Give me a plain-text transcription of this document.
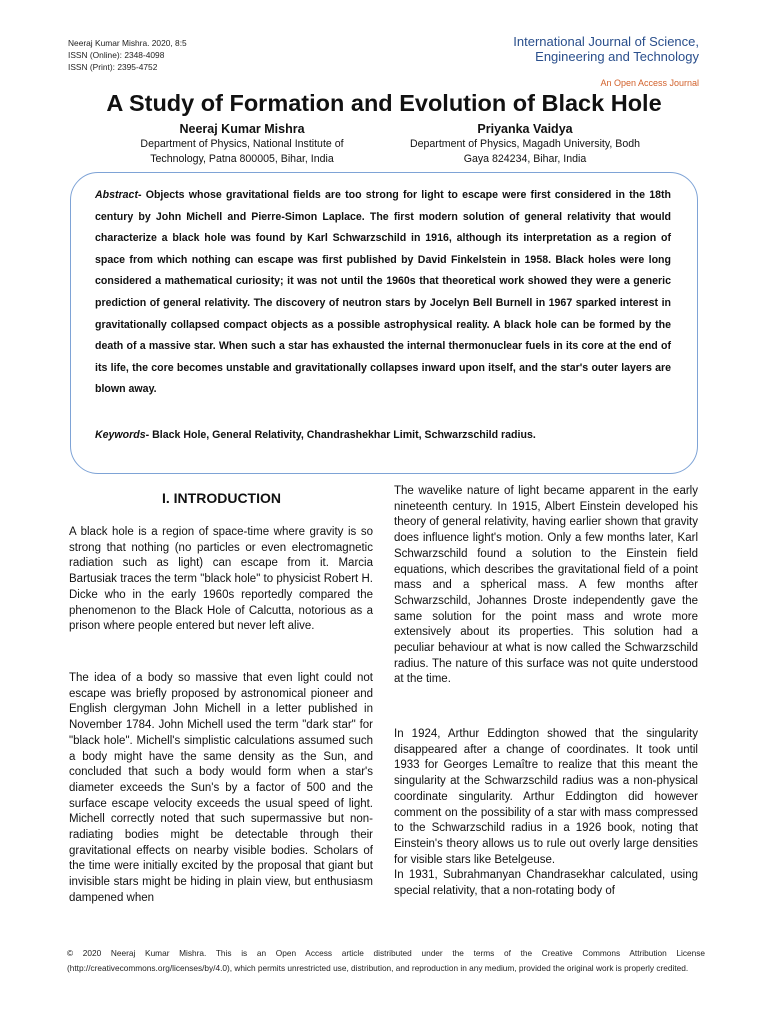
Neeraj Kumar Mishra. 2020, 8:5
ISSN (Online): 2348-4098
ISSN (Print): 2395-4752
International Journal of Science,
Engineering and Technology
An Open Access Journal
A Study of Formation and Evolution of Black Hole
Neeraj Kumar Mishra
Department of Physics, National Institute of
Technology, Patna 800005, Bihar, India
Priyanka Vaidya
Department of Physics, Magadh University, Bodh
Gaya 824234, Bihar, India
Abstract- Objects whose gravitational fields are too strong for light to escape were first considered in the 18th century by John Michell and Pierre-Simon Laplace. The first modern solution of general relativity that would characterize a black hole was found by Karl Schwarzschild in 1916, although its interpretation as a region of space from which nothing can escape was first published by David Finkelstein in 1958. Black holes were long considered a mathematical curiosity; it was not until the 1960s that theoretical work showed they were a generic prediction of general relativity. The discovery of neutron stars by Jocelyn Bell Burnell in 1967 sparked interest in gravitationally collapsed compact objects as a possible astrophysical reality. A black hole can be formed by the death of a massive star. When such a star has exhausted the internal thermonuclear fuels in its core at the end of its life, the core becomes unstable and gravitationally collapses inward upon itself, and the star's outer layers are blown away.
Keywords- Black Hole, General Relativity, Chandrashekhar Limit, Schwarzschild radius.
I. INTRODUCTION

A black hole is a region of space-time where gravity is so strong that nothing (no particles or even electromagnetic radiation such as light) can escape from it. Marcia Bartusiak traces the term "black hole" to physicist Robert H. Dicke who in the early 1960s reportedly compared the phenomenon to the Black Hole of Calcutta, notorious as a prison where people entered but never left alive.

The idea of a body so massive that even light could not escape was briefly proposed by astronomical pioneer and English clergyman John Michell in a letter published in November 1784. John Michell used the term "dark star" for "black hole". Michell's simplistic calculations assumed such a body might have the same density as the Sun, and concluded that such a body would form when a star's diameter exceeds the Sun's by a factor of 500 and the surface escape velocity exceeds the usual speed of light. Michell correctly noted that such supermassive but non-radiating bodies might be detectable through their gravitational effects on nearby visible bodies. Scholars of the time were initially excited by the proposal that giant but invisible stars might be hiding in plain view, but enthusiasm dampened when

The wavelike nature of light became apparent in the early nineteenth century. In 1915, Albert Einstein developed his theory of general relativity, having earlier shown that gravity does influence light's motion. Only a few months later, Karl Schwarzschild found a solution to the Einstein field equations, which describes the gravitational field of a point mass and a spherical mass. A few months after Schwarzschild, Johannes Droste independently gave the same solution for the point mass and wrote more extensively about its properties. This solution had a peculiar behaviour at what is now called the Schwarzschild radius. The nature of this surface was not quite understood at the time.

In 1924, Arthur Eddington showed that the singularity disappeared after a change of coordinates. It took until 1933 for Georges Lemaître to realize that this meant the singularity at the Schwarzschild radius was a non-physical coordinate singularity. Arthur Eddington did however comment on the possibility of a star with mass compressed to the Schwarzschild radius in a 1926 book, noting that Einstein's theory allows us to rule out overly large densities for visible stars like Betelgeuse.

In 1931, Subrahmanyan Chandrasekhar calculated, using special relativity, that a non-rotating body of

© 2020 Neeraj Kumar Mishra. This is an Open Access article distributed under the terms of the Creative Commons Attribution License (http://creativecommons.org/licenses/by/4.0), which permits unrestricted use, distribution, and reproduction in any medium, provided the original work is properly credited.
